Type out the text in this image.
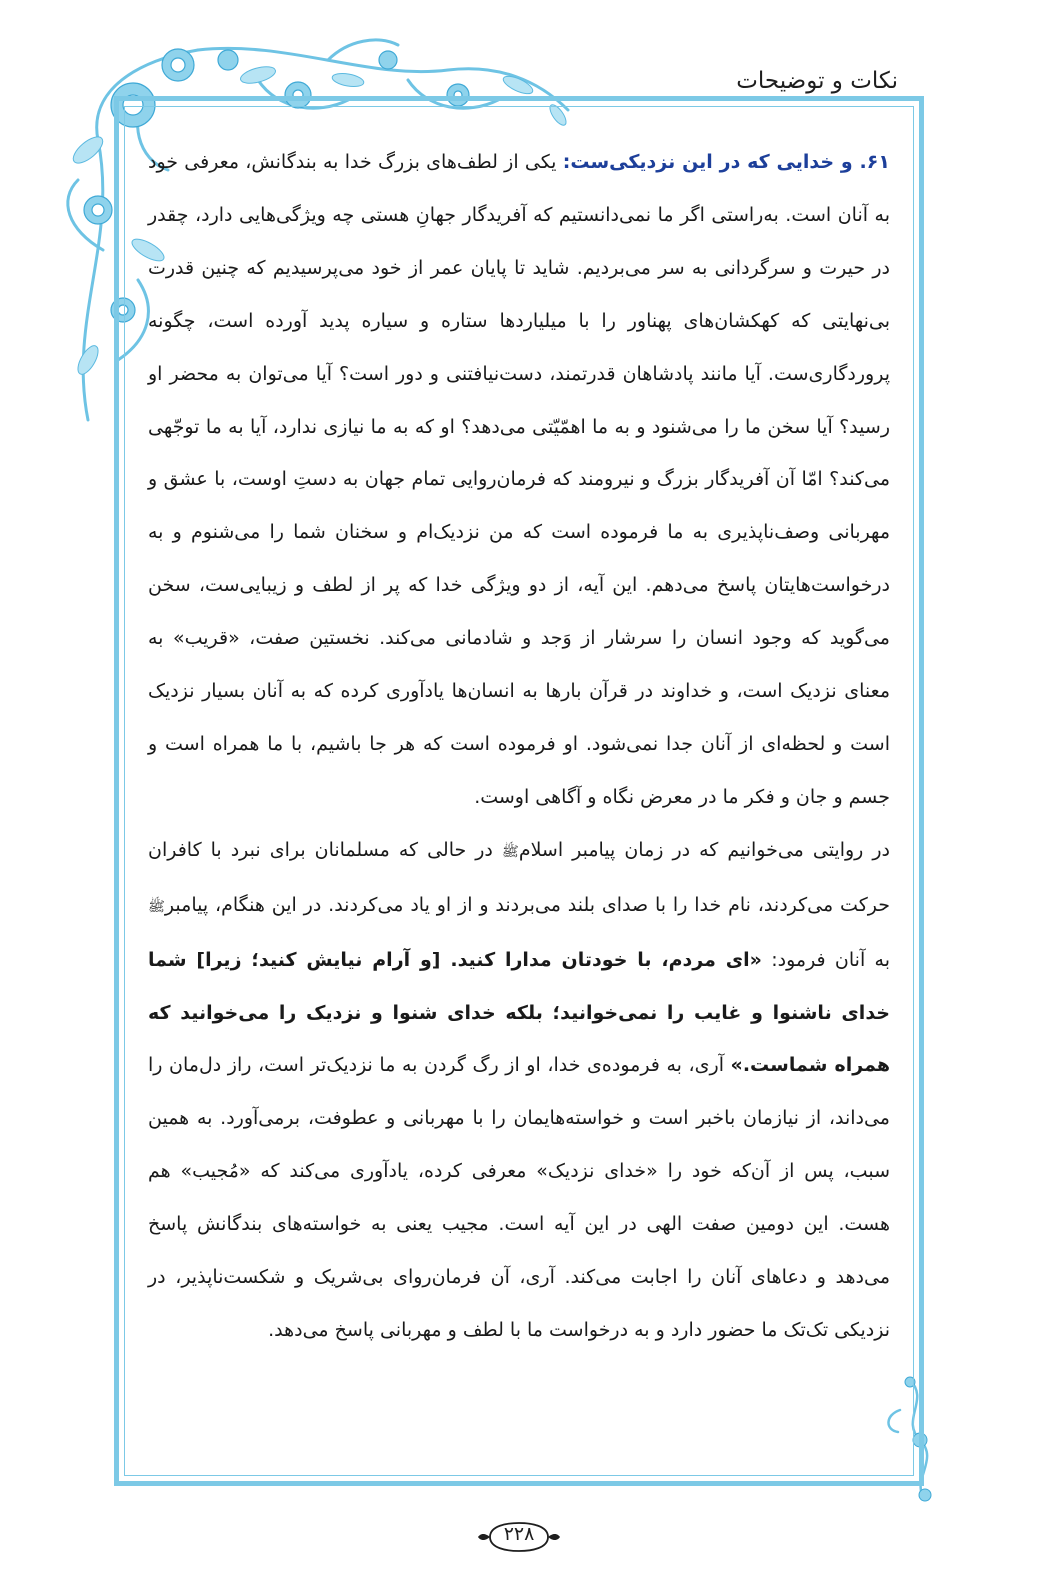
نکات و توضیحات

۶۱. و خدایی که در این نزدیکی‌ست: یکی از لطف‌های بزرگ خدا به بندگانش، معرفی خود به آنان است. به‌راستی اگر ما نمی‌دانستیم که آفریدگار جهانِ هستی چه ویژگی‌هایی دارد، چقدر در حیرت و سرگردانی به سر می‌بردیم. شاید تا پایان عمر از خود می‌پرسیدیم که چنین قدرت بی‌نهایتی که کهکشان‌های پهناور را با میلیاردها ستاره و سیاره پدید آورده است، چگونه پروردگاری‌ست. آیا مانند پادشاهان قدرتمند، دست‌نیافتنی و دور است؟ آیا می‌توان به محضر او رسید؟ آیا سخن ما را می‌شنود و به ما اهمّیّتی می‌دهد؟ او که به ما نیازی ندارد، آیا به ما توجّهی می‌کند؟ امّا آن آفریدگار بزرگ و نیرومند که فرمان‌روایی تمام جهان به دستِ اوست، با عشق و مهربانی وصف‌ناپذیری به ما فرموده است که من نزدیک‌ام و سخنان شما را می‌شنوم و به درخواست‌هایتان پاسخ می‌دهم. این آیه، از دو ویژگی خدا که پر از لطف و زیبایی‌ست، سخن می‌گوید که وجود انسان را سرشار از وَجد و شادمانی می‌کند. نخستین صفت، «قریب» به معنای نزدیک است، و خداوند در قرآن بارها به انسان‌ها یادآوری کرده که به آنان بسیار نزدیک است و لحظه‌ای از آنان جدا نمی‌شود. او فرموده است که هر جا باشیم، با ما همراه است و جسم و جان و فکر ما در معرض نگاه و آگاهی اوست.

در روایتی می‌خوانیم که در زمان پیامبر اسلامﷺ در حالی که مسلمانان برای نبرد با کافران حرکت می‌کردند، نام خدا را با صدای بلند می‌بردند و از او یاد می‌کردند. در این هنگام، پیامبرﷺ به آنان فرمود: «ای مردم، با خودتان مدارا کنید. [و آرام نیایش کنید؛ زیرا] شما خدای ناشنوا و غایب را نمی‌خوانید؛ بلکه خدای شنوا و نزدیک را می‌خوانید که همراه شماست.» آری، به فرموده‌ی خدا، او از رگ گردن به ما نزدیک‌تر است، راز دل‌مان را می‌داند، از نیازمان باخبر است و خواسته‌هایمان را با مهربانی و عطوفت، برمی‌آورد. به همین سبب، پس از آن‌که خود را «خدای نزدیک» معرفی کرده، یادآوری می‌کند که «مُجیب» هم هست. این دومین صفت الهی در این آیه است. مجیب یعنی به خواسته‌های بندگانش پاسخ می‌دهد و دعاهای آنان را اجابت می‌کند. آری، آن فرمان‌روای بی‌شریک و شکست‌ناپذیر، در نزدیکی تک‌تک ما حضور دارد و به درخواست ما با لطف و مهربانی پاسخ می‌دهد.

۲۲۸
